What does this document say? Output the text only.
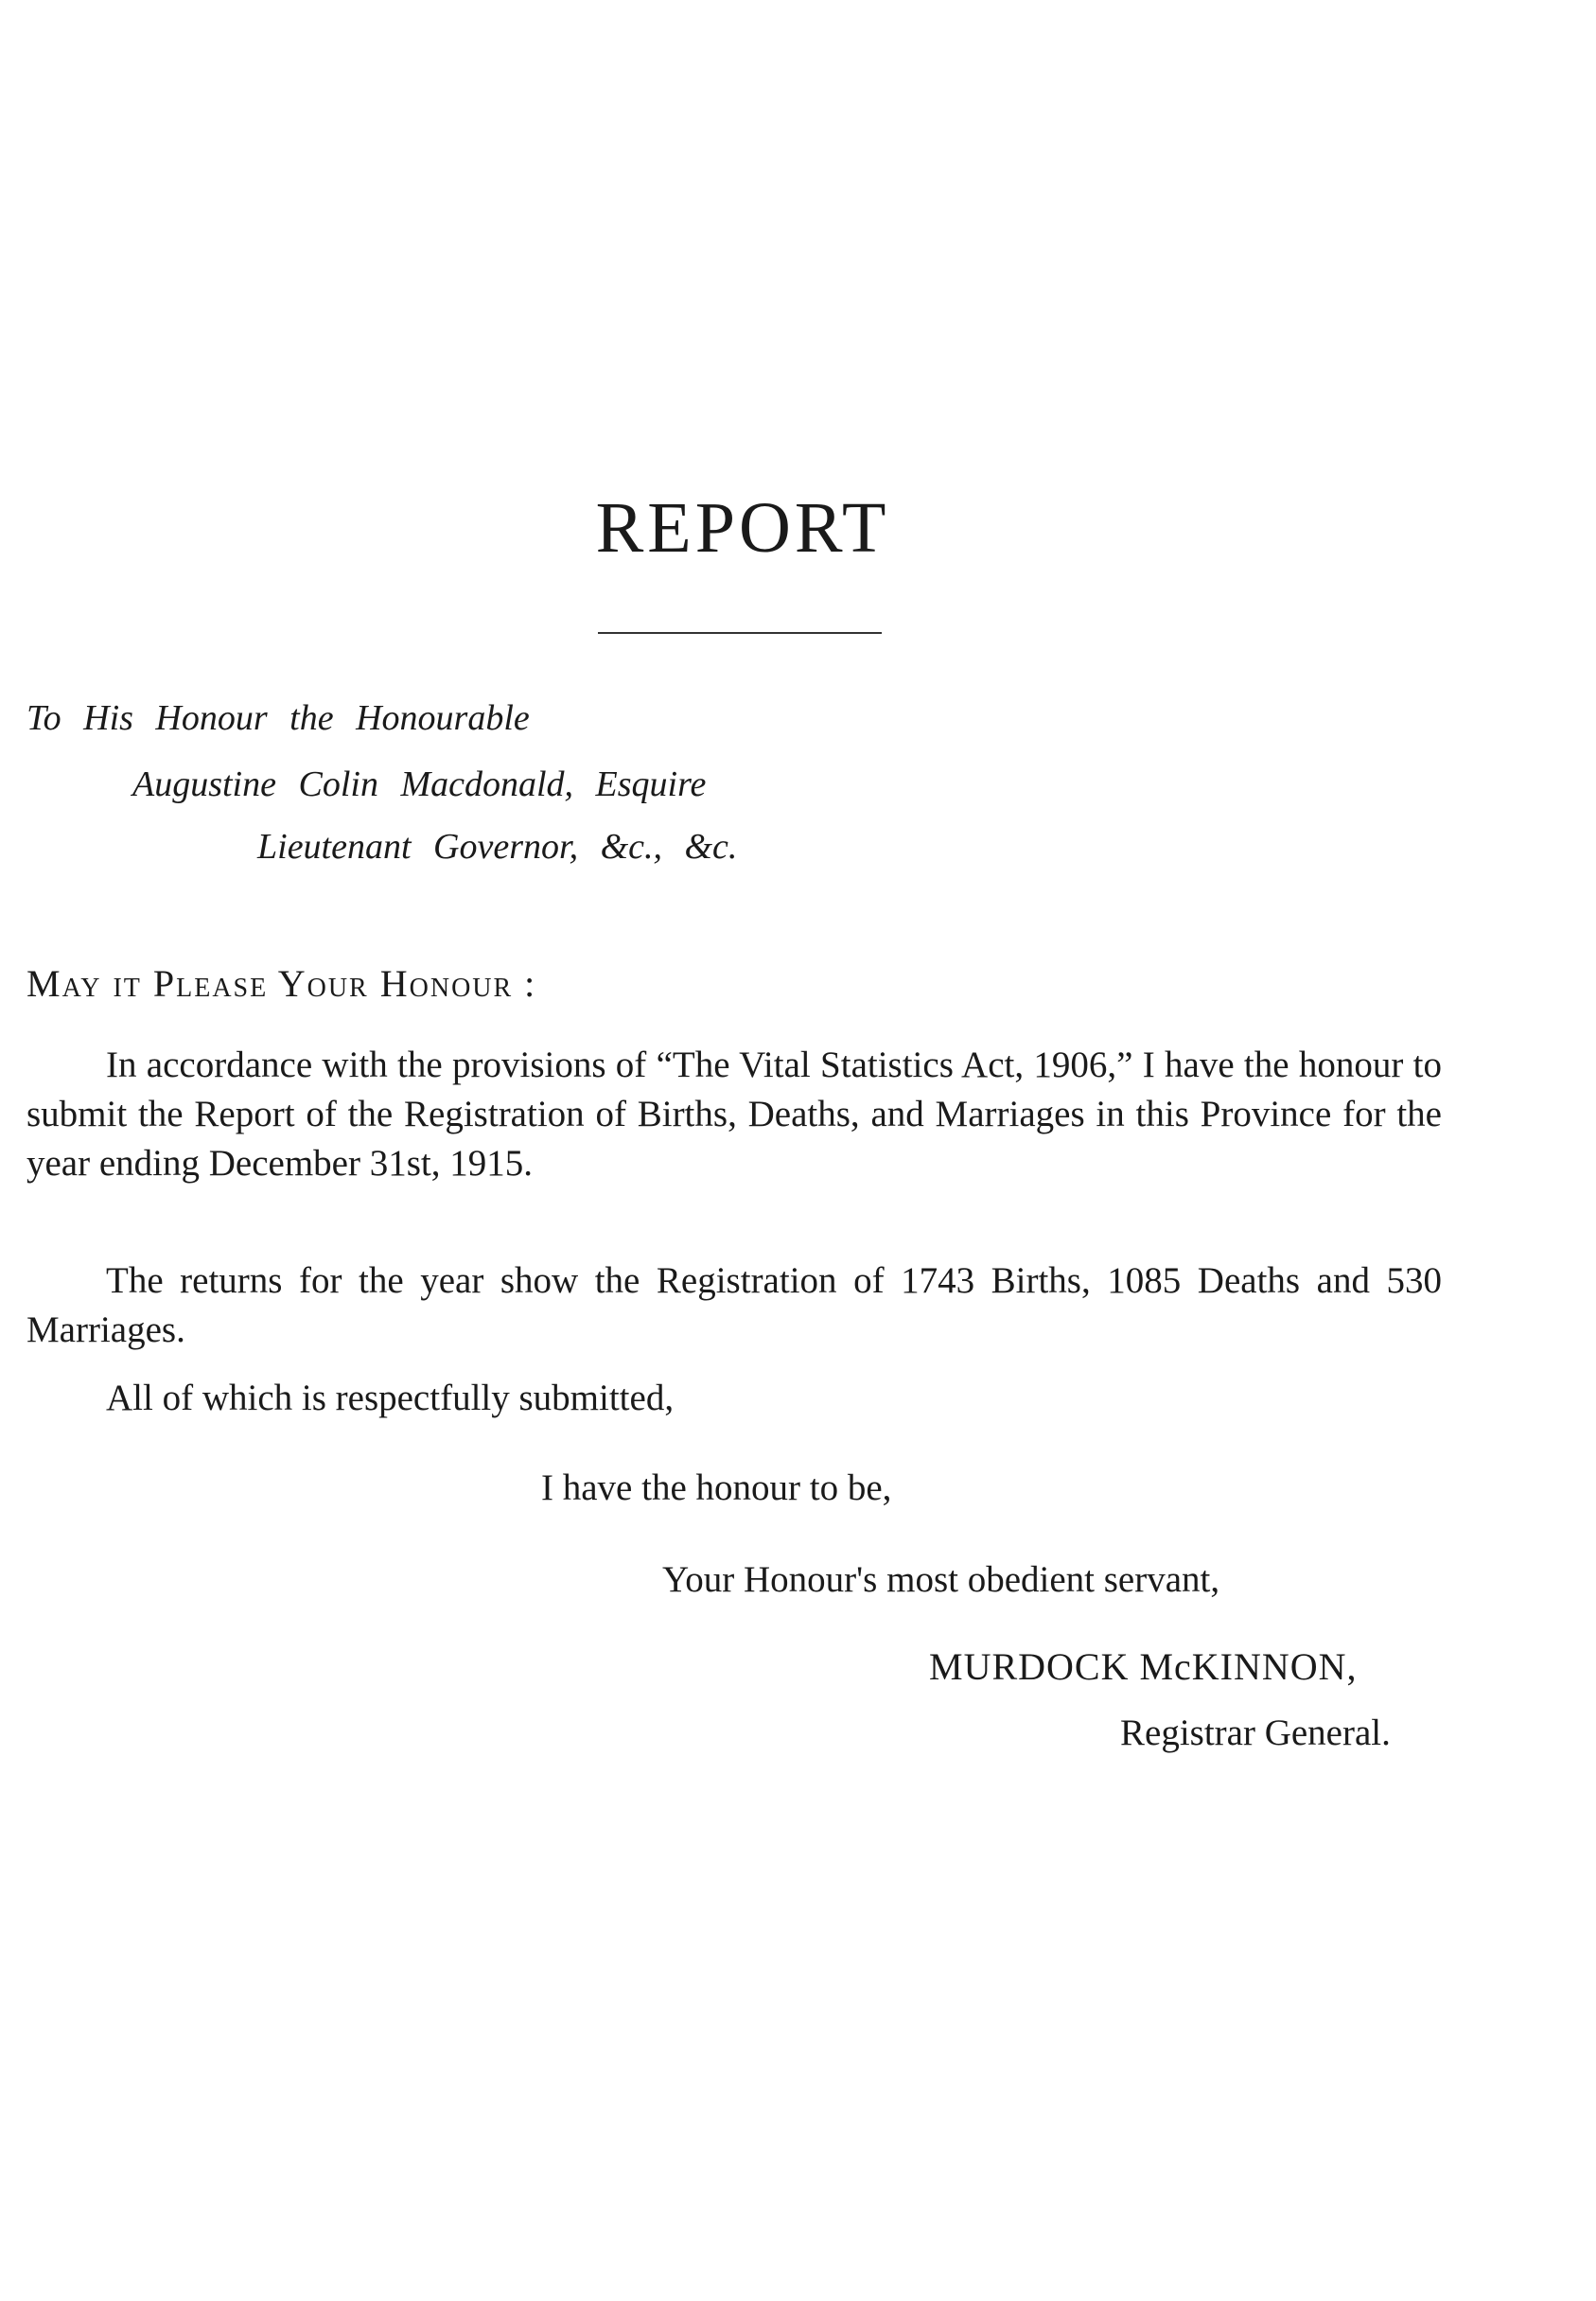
REPORT
To His Honour the Honourable
Augustine Colin Macdonald, Esquire
Lieutenant Governor, &c., &c.
May it Please Your Honour :

In accordance with the provisions of “The Vital Statistics Act, 1906,” I have the honour to submit the Report of the Registration of Births, Deaths, and Marriages in this Province for the year ending December 31st, 1915.

The returns for the year show the Registration of 1743 Births, 1085 Deaths and 530 Marriages.

All of which is respectfully submitted,

I have the honour to be,
Your Honour's most obedient servant,
MURDOCK McKINNON,
Registrar General.
